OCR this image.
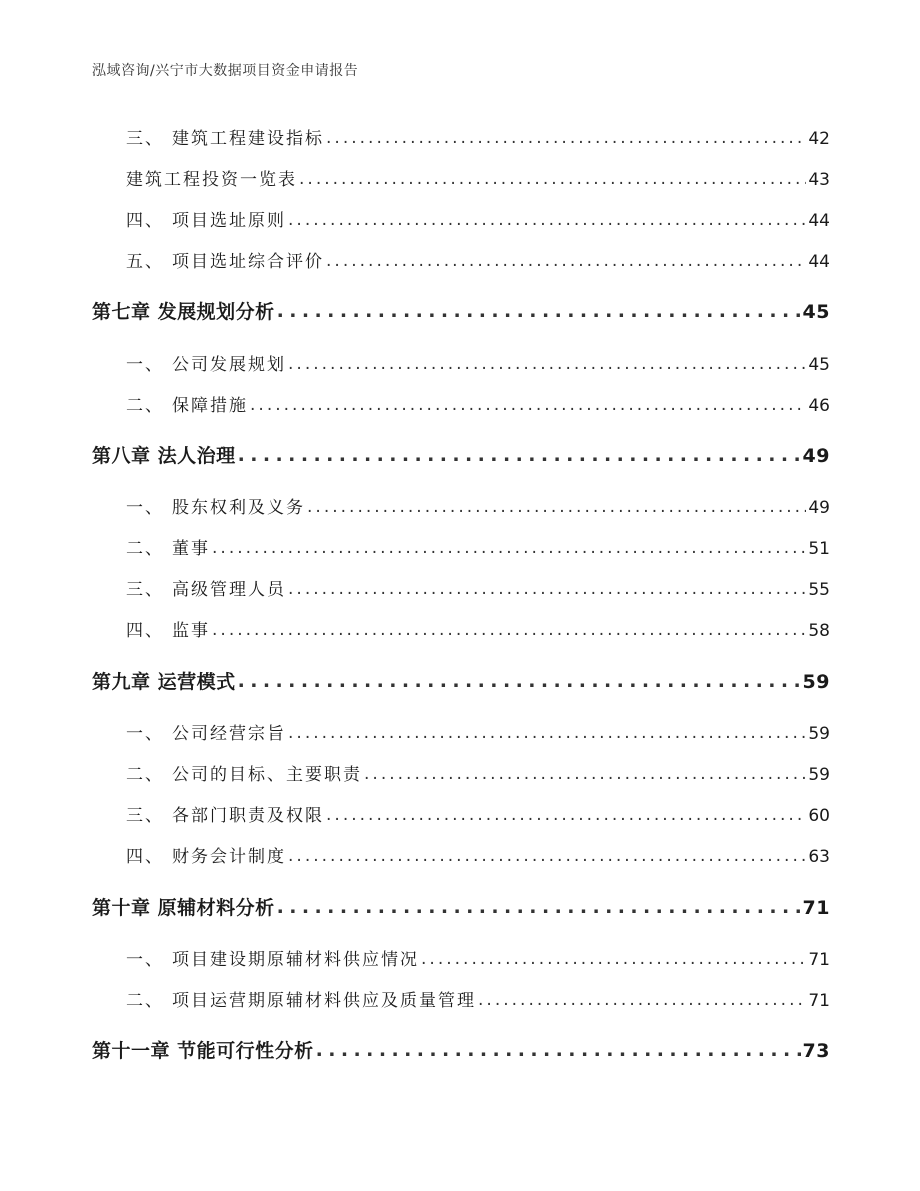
泓域咨询/兴宁市大数据项目资金申请报告
三、 建筑工程建设指标 . . .	42
建筑工程投资一览表 . . .	43
四、 项目选址原则 . . .	44
五、 项目选址综合评价 . . .	44
第七章 发展规划分析 . . .	45
一、 公司发展规划 . . .	45
二、 保障措施 . . .	46
第八章 法人治理 . . .	49
一、 股东权利及义务 . . .	49
二、 董事 . . .	51
三、 高级管理人员 . . .	55
四、 监事 . . .	58
第九章 运营模式 . . .	59
一、 公司经营宗旨 . . .	59
二、 公司的目标、主要职责 . . .	59
三、 各部门职责及权限 . . .	60
四、 财务会计制度 . . .	63
第十章 原辅材料分析 . . .	71
一、 项目建设期原辅材料供应情况 . . .	71
二、 项目运营期原辅材料供应及质量管理 . . .	71
第十一章 节能可行性分析 . . .	73
